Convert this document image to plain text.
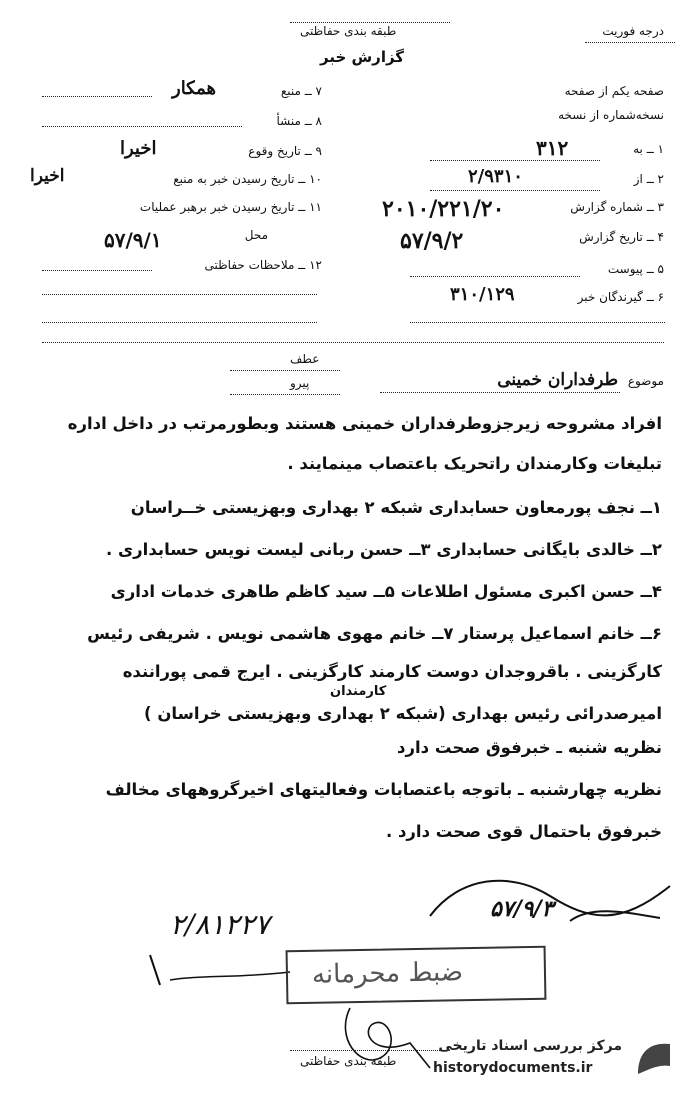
درجه فوریت
طبقه بندی حفاظتی
گزارش خبر
صفحه یکم از صفحه
نسخه‌شماره از نسخه
۱ ــ به
۳۱۲
۲ ــ از
۲/۹۳۱۰
۳ ــ شماره گزارش
۲۰۱۰/۲۲۱/۲۰
۴ ــ تاریخ گزارش
۵۷/۹/۲
۵ ــ پیوست
۶ ــ گیرندگان خبر
۳۱۰/۱۲۹
۷ ــ منبع
همکار
۸ ــ منشأ
۹ ــ تاریخ وقوع
اخیرا
۱۰ ــ تاریخ رسیدن خبر به منبع
اخیرا
۱۱ ــ تاریخ رسیدن خبر برهبر عملیات
۵۷/۹/۱	محل
۱۲ ــ ملاحظات حفاظتی
عطف
پیرو	موضوع
طرفداران خمینی
افراد مشروحه زیرجزوطرفداران خمینی هستند وبطورمرتب در داخل اداره
تبلیغات وکارمندان راتحریک باعتصاب مینمایند .
۱ــ نجف پورمعاون حسابداری شبکه ۲ بهداری وبهزیستی خــراسان
۲ــ خالدی بایگانی حسابداری ۳ــ حسن ربانی لیست نویس حسابداری .
۴ــ حسن اکبری مسئول اطلاعات ۵ــ سید کاظم طاهری خدمات اداری
۶ــ خانم اسماعیل پرستار ۷ــ خانم مهوی هاشمی نویس . شریفی رئیس
کارگزینی . باقروجدان دوست کارمند کارگزینی . ایرج قمی پوراننده
کارمندان
امیرصدرائی رئیس بهداری (شبکه ۲ بهداری وبهزیستی خراسان )
نظریه شنبه ـ خبرفوق صحت دارد
نظریه چهارشنبه ـ باتوجه باعتصابات وفعالیتهای اخیرگروههای مخالف
خبرفوق باحتمال قوی صحت دارد .
۵۷/۹/۳
۲/۸۱۲۲۷
ضبط محرمانه
طبقه بندی حفاظتی
مرکز بررسی اسناد تاریخی
historydocuments.ir
